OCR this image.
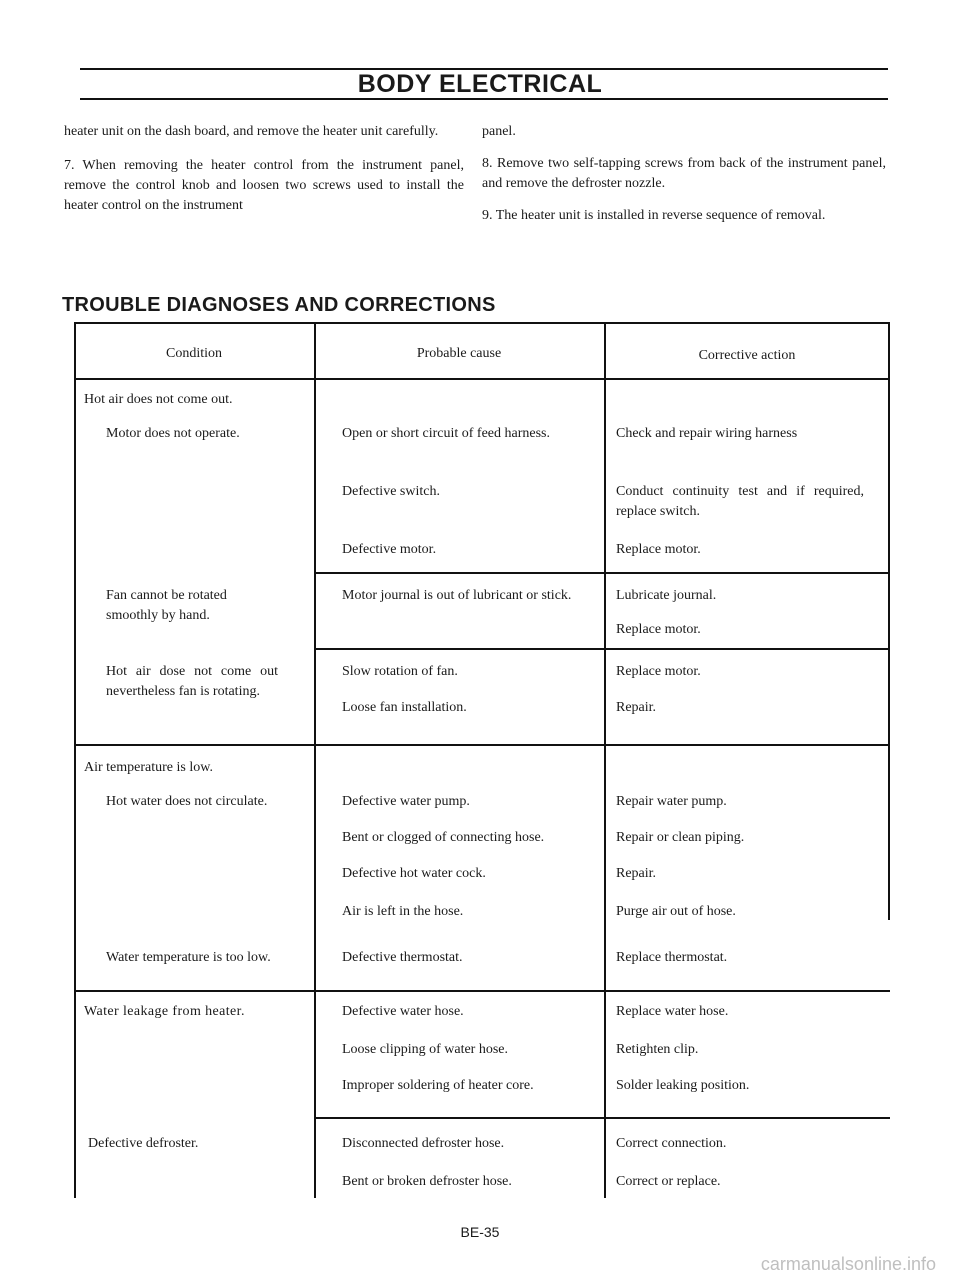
BODY ELECTRICAL

heater unit on the dash board, and remove the heater unit carefully.

7. When removing the heater control from the instrument panel, remove the control knob and loosen two screws used to install the heater control on the instrument

panel.

8. Remove two self-tapping screws from back of the instrument panel, and remove the defroster nozzle.

9. The heater unit is installed in reverse sequence of removal.

TROUBLE DIAGNOSES AND CORRECTIONS
Condition	Probable cause	Corrective action
Hot air does not come out.
Motor does not operate.
Fan cannot be rotated smoothly by hand.
Hot air dose not come out nevertheless fan is rotating.
Air temperature is low.
Hot water does not circulate.
Water temperature is too low.
Water leakage from heater.
Defective defroster.
Open or short circuit of feed harness.
Defective switch.
Defective motor.
Motor journal is out of lubricant or stick.
Slow rotation of fan.
Loose fan installation.
Defective water pump.
Bent or clogged of connecting hose.
Defective hot water cock.
Air is left in the hose.
Defective thermostat.
Defective water hose.
Loose clipping of water hose.
Improper soldering of heater core.
Disconnected defroster hose.
Bent or broken defroster hose.
Check and repair wiring harness
Conduct continuity test and if required, replace switch.
Replace motor.
Lubricate journal.
Replace motor.
Replace motor.
Repair.
Repair water pump.
Repair or clean piping.
Repair.
Purge air out of hose.
Replace thermostat.
Replace water hose.
Retighten clip.
Solder leaking position.
Correct connection.
Correct or replace.
BE-35
carmanualsonline.info
